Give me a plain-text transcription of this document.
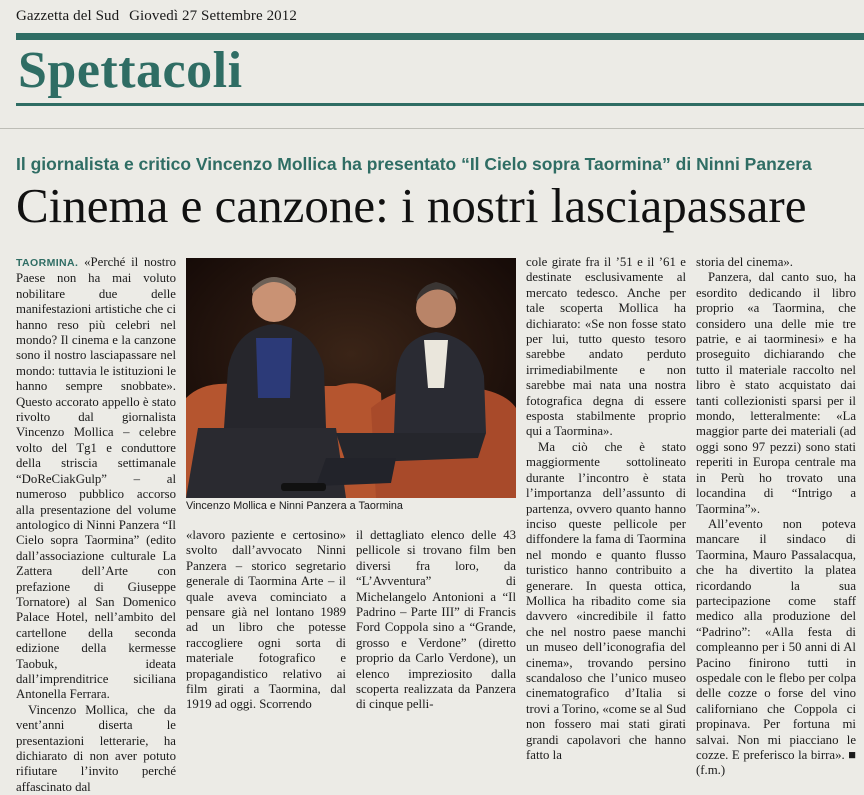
Gazzetta del Sud Giovedì 27 Settembre 2012
Spettacoli
Il giornalista e critico Vincenzo Mollica ha presentato “Il Cielo sopra Taormina” di Ninni Panzera
Cinema e canzone: i nostri lasciapassare

TAORMINA. «Perché il nostro Paese non ha mai voluto nobilitare due delle manifestazioni artistiche che ci hanno reso più celebri nel mondo? Il cinema e la canzone sono il nostro lasciapassare nel mondo: tuttavia le istituzioni le hanno sempre snobbate». Questo accorato appello è stato rivolto dal giornalista Vincenzo Mollica – celebre volto del Tg1 e conduttore della striscia settimanale “DoReCiakGulp” – al numeroso pubblico accorso alla presentazione del volume antologico di Ninni Panzera “Il Cielo sopra Taormina” (edito dall’associazione culturale La Zattera dell’Arte con prefazione di Giuseppe Tornatore) al San Domenico Palace Hotel, nell’ambito del cartellone della seconda edizione della kermesse Taobuk, ideata dall’imprenditrice siciliana Antonella Ferrara.

Vincenzo Mollica, che da vent’anni diserta le presentazioni letterarie, ha dichiarato di non aver potuto rifiutare l’invito perché affascinato dal

Vincenzo Mollica e Ninni Panzera a Taormina

«lavoro paziente e certosino» svolto dall’avvocato Ninni Panzera – storico segretario generale di Taormina Arte – il quale aveva cominciato a pensare già nel lontano 1989 ad un libro che potesse raccogliere ogni sorta di materiale fotografico e propagandistico relativo ai film girati a Taormina, dal 1919 ad oggi. Scorrendo

il dettagliato elenco delle 43 pellicole si trovano film ben diversi fra loro, da “L’Avventura” di Michelangelo Antonioni a “Il Padrino – Parte III” di Francis Ford Coppola sino a “Grande, grosso e Verdone” (diretto proprio da Carlo Verdone), un elenco impreziosito dalla scoperta realizzata da Panzera di cinque pelli-

cole girate fra il ’51 e il ’61 e destinate esclusivamente al mercato tedesco. Anche per tale scoperta Mollica ha dichiarato: «Se non fosse stato per lui, tutto questo tesoro sarebbe andato perduto irrimediabilmente e non sarebbe mai nata una nostra fotografica degna di essere esposta stabilmente proprio qui a Taormina».

Ma ciò che è stato maggiormente sottolineato durante l’incontro è stata l’importanza dell’assunto di partenza, ovvero quanto hanno inciso queste pellicole per diffondere la fama di Taormina nel mondo e quanto flusso turistico hanno contribuito a generare. In questa ottica, Mollica ha ribadito come sia davvero «incredibile il fatto che nel nostro paese manchi un museo dell’iconografia del cinema», trovando persino scandaloso che l’unico museo cinematografico d’Italia si trovi a Torino, «come se al Sud non fossero mai stati girati grandi capolavori che hanno fatto la

storia del cinema».

Panzera, dal canto suo, ha esordito dedicando il libro proprio «a Taormina, che considero una delle mie tre patrie, e ai taorminesi» e ha proseguito dichiarando che tutto il materiale raccolto nel libro è stato acquistato dai tanti collezionisti sparsi per il mondo, letteralmente: «La maggior parte dei materiali (ad oggi sono 97 pezzi) sono stati reperiti in Europa centrale ma in Perù ho trovato una locandina di “Intrigo a Taormina”».

All’evento non poteva mancare il sindaco di Taormina, Mauro Passalacqua, che ha divertito la platea ricordando la sua partecipazione come staff medico alla produzione del “Padrino”: «Alla festa di compleanno per i 50 anni di Al Pacino finirono tutti in ospedale con le flebo per colpa delle cozze o forse del vino californiano che Coppola ci propinava. Per fortuna mi salvai. Non mi piacciano le cozze. E preferisco la birra». ■ (f.m.)
